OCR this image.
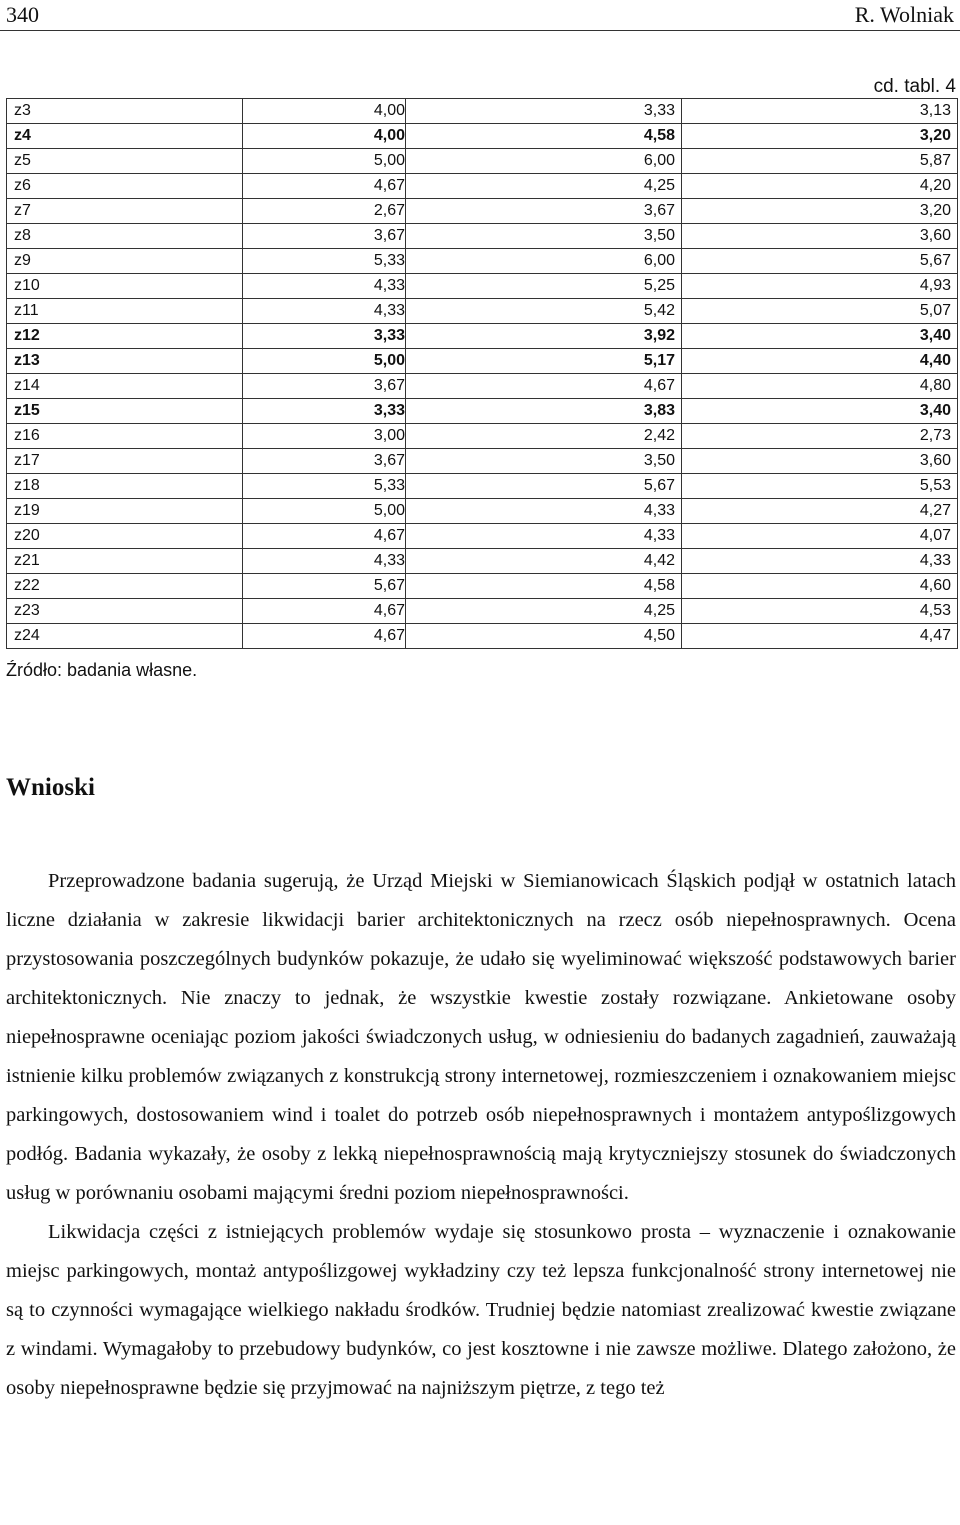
340	R. Wolniak
cd. tabl. 4
z3	4,00	3,33	3,13
z4	4,00	4,58	3,20
z5	5,00	6,00	5,87
z6	4,67	4,25	4,20
z7	2,67	3,67	3,20
z8	3,67	3,50	3,60
z9	5,33	6,00	5,67
z10	4,33	5,25	4,93
z11	4,33	5,42	5,07
z12	3,33	3,92	3,40
z13	5,00	5,17	4,40
z14	3,67	4,67	4,80
z15	3,33	3,83	3,40
z16	3,00	2,42	2,73
z17	3,67	3,50	3,60
z18	5,33	5,67	5,53
z19	5,00	4,33	4,27
z20	4,67	4,33	4,07
z21	4,33	4,42	4,33
z22	5,67	4,58	4,60
z23	4,67	4,25	4,53
z24	4,67	4,50	4,47
Źródło: badania własne.
Wnioski

Przeprowadzone badania sugerują, że Urząd Miejski w Siemianowicach Śląskich podjął w ostatnich latach liczne działania w zakresie likwidacji barier architektonicznych na rzecz osób niepełnosprawnych. Ocena przystosowania poszczególnych budynków pokazuje, że udało się wyeliminować większość podstawowych barier architektonicznych. Nie znaczy to jednak, że wszystkie kwestie zostały rozwiązane. Ankietowane osoby niepełnosprawne oceniając poziom jakości świadczonych usług, w odniesieniu do badanych zagadnień, zauważają istnienie kilku problemów związanych z konstrukcją strony internetowej, rozmieszczeniem i oznakowaniem miejsc parkingowych, dostosowaniem wind i toalet do potrzeb osób niepełnosprawnych i montażem antypoślizgowych podłóg. Badania wykazały, że osoby z lekką niepełnosprawnością mają krytyczniejszy stosunek do świadczonych usług w porównaniu osobami mającymi średni poziom niepełnosprawności.

Likwidacja części z istniejących problemów wydaje się stosunkowo prosta – wyznaczenie i oznakowanie miejsc parkingowych, montaż antypoślizgowej wykładziny czy też lepsza funkcjonalność strony internetowej nie są to czynności wymagające wielkiego nakładu środków. Trudniej będzie natomiast zrealizować kwestie związane z windami. Wymagałoby to przebudowy budynków, co jest kosztowne i nie zawsze możliwe. Dlatego założono, że osoby niepełnosprawne będzie się przyjmować na najniższym piętrze, z tego też
